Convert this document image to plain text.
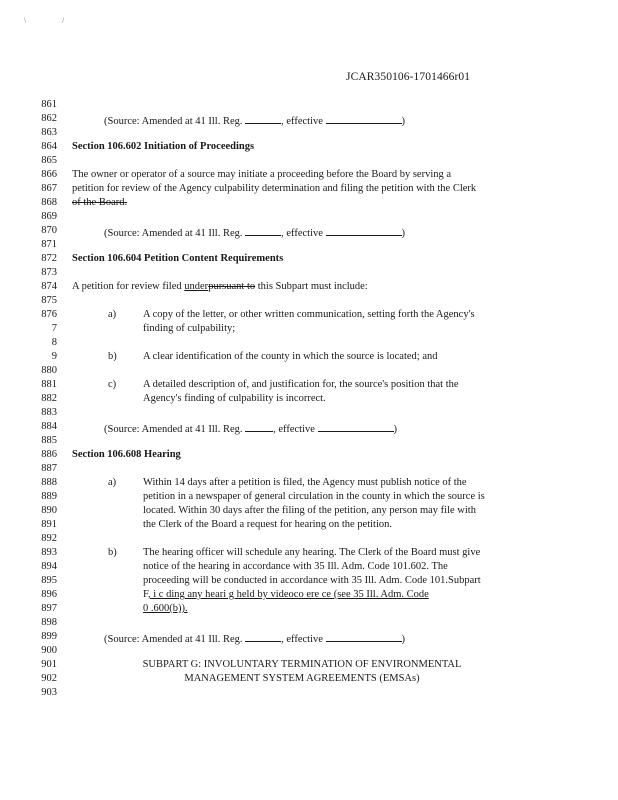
\	/
JCAR350106-1701466r01
861
862
863
864
865
866
867
868
869
870
871
872
873
874
875
876
7
8
9
880
881
882
883
884
885
886
887
888
889
890
891
892
893
894
895
896
897
898
899
900
901
902
903
(Source: Amended at 41 Ill. Reg.	, effective	)
Section 106.602 Initiation of Proceedings
The owner or operator of a source may initiate a proceeding before the Board by serving a
petition for review of the Agency culpability determination and filing the petition with the Clerk
of the Board.
(Source: Amended at 41 Ill. Reg.	, effective	)
Section 106.604 Petition Content Requirements
A petition for review filed underpursuant to this Subpart must include:
a)	A copy of the letter, or other written communication, setting forth the Agency's
finding of culpability;
b)	A clear identification of the county in which the source is located; and
c)	A detailed description of, and justification for, the source's position that the
Agency's finding of culpability is incorrect.
(Source: Amended at 41 Ill. Reg.	, effective	)
Section 106.608 Hearing
a)	Within 14 days after a petition is filed, the Agency must publish notice of the
petition in a newspaper of general circulation in the county in which the source is
located. Within 30 days after the filing of the petition, any person may file with
the Clerk of the Board a request for hearing on the petition.
b)	The hearing officer will schedule any hearing. The Clerk of the Board must give
notice of the hearing in accordance with 35 Ill. Adm. Code 101.602. The
proceeding will be conducted in accordance with 35 Ill. Adm. Code 101.Subpart
F, i c ding any heari g held by videoco ere ce (see 35 Ill. Adm. Code
0 .600(b)).
(Source: Amended at 41 Ill. Reg.	, effective	)
SUBPART G: INVOLUNTARY TERMINATION OF ENVIRONMENTAL
MANAGEMENT SYSTEM AGREEMENTS (EMSAs)
